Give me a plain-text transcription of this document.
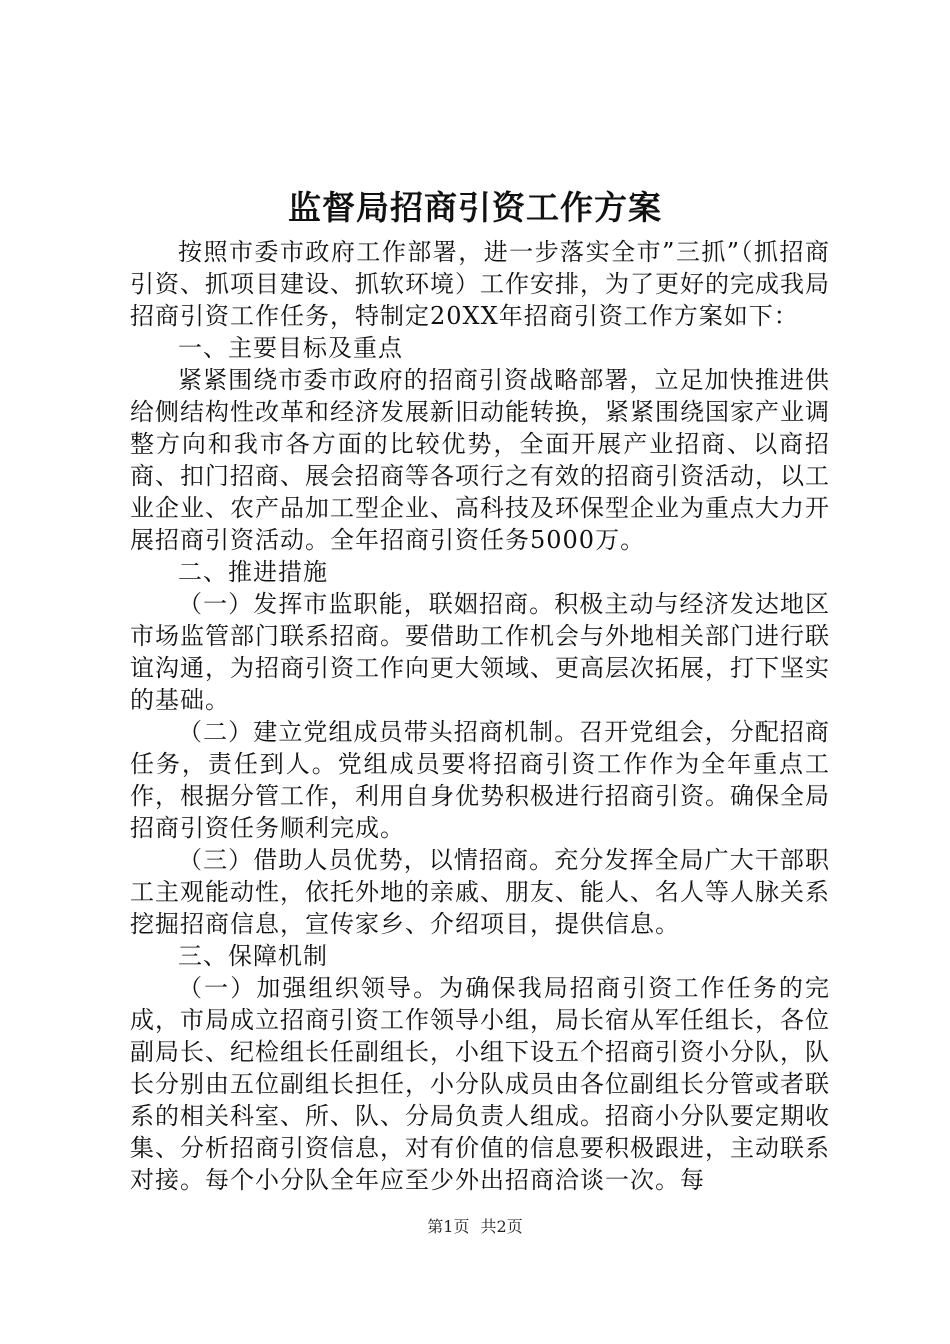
监督局招商引资工作方案

按照市委市政府工作部署，进一步落实全市”三抓”（抓招商引资、抓项目建设、抓软环境）工作安排，为了更好的完成我局招商引资工作任务，特制定20XX年招商引资工作方案如下：

一、主要目标及重点

紧紧围绕市委市政府的招商引资战略部署，立足加快推进供给侧结构性改革和经济发展新旧动能转换，紧紧围绕国家产业调整方向和我市各方面的比较优势，全面开展产业招商、以商招商、扣门招商、展会招商等各项行之有效的招商引资活动，以工业企业、农产品加工型企业、高科技及环保型企业为重点大力开展招商引资活动。全年招商引资任务5000万。

二、推进措施

（一）发挥市监职能，联姻招商。积极主动与经济发达地区市场监管部门联系招商。要借助工作机会与外地相关部门进行联谊沟通，为招商引资工作向更大领域、更高层次拓展，打下坚实的基础。

（二）建立党组成员带头招商机制。召开党组会，分配招商任务，责任到人。党组成员要将招商引资工作作为全年重点工作，根据分管工作，利用自身优势积极进行招商引资。确保全局招商引资任务顺利完成。

（三）借助人员优势，以情招商。充分发挥全局广大干部职工主观能动性，依托外地的亲戚、朋友、能人、名人等人脉关系挖掘招商信息，宣传家乡、介绍项目，提供信息。

三、保障机制

（一）加强组织领导。为确保我局招商引资工作任务的完成，市局成立招商引资工作领导小组，局长宿从军任组长，各位副局长、纪检组长任副组长，小组下设五个招商引资小分队，队长分别由五位副组长担任，小分队成员由各位副组长分管或者联系的相关科室、所、队、分局负责人组成。招商小分队要定期收集、分析招商引资信息，对有价值的信息要积极跟进，主动联系对接。每个小分队全年应至少外出招商洽谈一次。每

第1页 共2页
